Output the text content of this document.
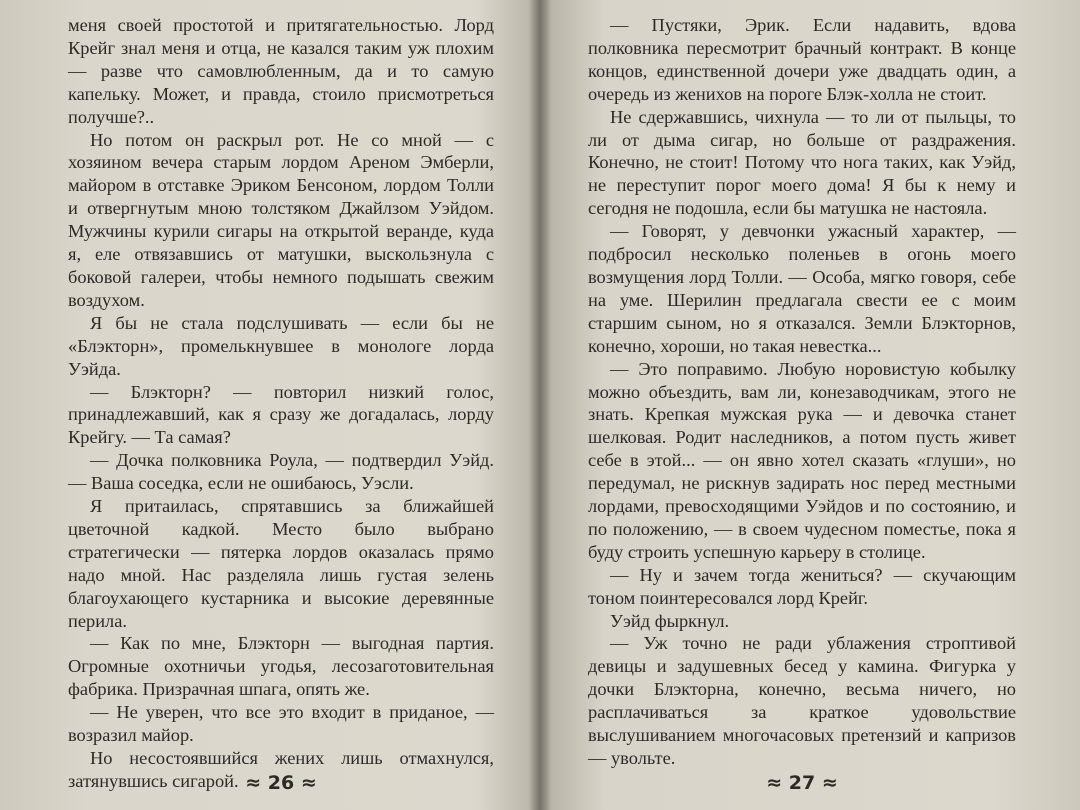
меня своей простотой и притягательностью. Лорд Крейг знал меня и отца, не казался таким уж плохим — разве что самовлюбленным, да и то самую капельку. Может, и правда, стоило присмотреться получше?..

Но потом он раскрыл рот. Не со мной — с хозяином вечера старым лордом Ареном Эмберли, майором в отставке Эриком Бенсоном, лордом Толли и отвергнутым мною толстяком Джайлзом Уэйдом. Мужчины курили сигары на открытой веранде, куда я, еле отвязавшись от матушки, выскользнула с боковой галереи, чтобы немного подышать свежим воздухом.

Я бы не стала подслушивать — если бы не «Блэкторн», промелькнувшее в монологе лорда Уэйда.

— Блэкторн? — повторил низкий голос, принадлежавший, как я сразу же догадалась, лорду Крейгу. — Та самая?

— Дочка полковника Роула, — подтвердил Уэйд. — Ваша соседка, если не ошибаюсь, Уэсли.

Я притаилась, спрятавшись за ближайшей цветочной кадкой. Место было выбрано стратегически — пятерка лордов оказалась прямо надо мной. Нас разделяла лишь густая зелень благоухающего кустарника и высокие деревянные перила.

— Как по мне, Блэкторн — выгодная партия. Огромные охотничьи угодья, лесозаготовительная фабрика. Призрачная шпага, опять же.

— Не уверен, что все это входит в приданое, — возразил майор.

Но несостоявшийся жених лишь отмахнулся, затянувшись сигарой. ≈ 26 ≈

— Пустяки, Эрик. Если надавить, вдова полковника пересмотрит брачный контракт. В конце концов, единственной дочери уже двадцать один, а очередь из женихов на пороге Блэк-холла не стоит.

Не сдержавшись, чихнула — то ли от пыльцы, то ли от дыма сигар, но больше от раздражения. Конечно, не стоит! Потому что нога таких, как Уэйд, не переступит порог моего дома! Я бы к нему и сегодня не подошла, если бы матушка не настояла.

— Говорят, у девчонки ужасный характер, — подбросил несколько поленьев в огонь моего возмущения лорд Толли. — Особа, мягко говоря, себе на уме. Шерилин предлагала свести ее с моим старшим сыном, но я отказался. Земли Блэкторнов, конечно, хороши, но такая невестка...

— Это поправимо. Любую норовистую кобылку можно объездить, вам ли, конезаводчикам, этого не знать. Крепкая мужская рука — и девочка станет шелковая. Родит наследников, а потом пусть живет себе в этой... — он явно хотел сказать «глуши», но передумал, не рискнув задирать нос перед местными лордами, превосходящими Уэйдов и по состоянию, и по положению, — в своем чудесном поместье, пока я буду строить успешную карьеру в столице.

— Ну и зачем тогда жениться? — скучающим тоном поинтересовался лорд Крейг.

Уэйд фыркнул.

— Уж точно не ради ублажения строптивой девицы и задушевных бесед у камина. Фигурка у дочки Блэкторна, конечно, весьма ничего, но расплачиваться за краткое удовольствие выслушиванием многочасовых претензий и капризов — увольте.

≈ 27 ≈
